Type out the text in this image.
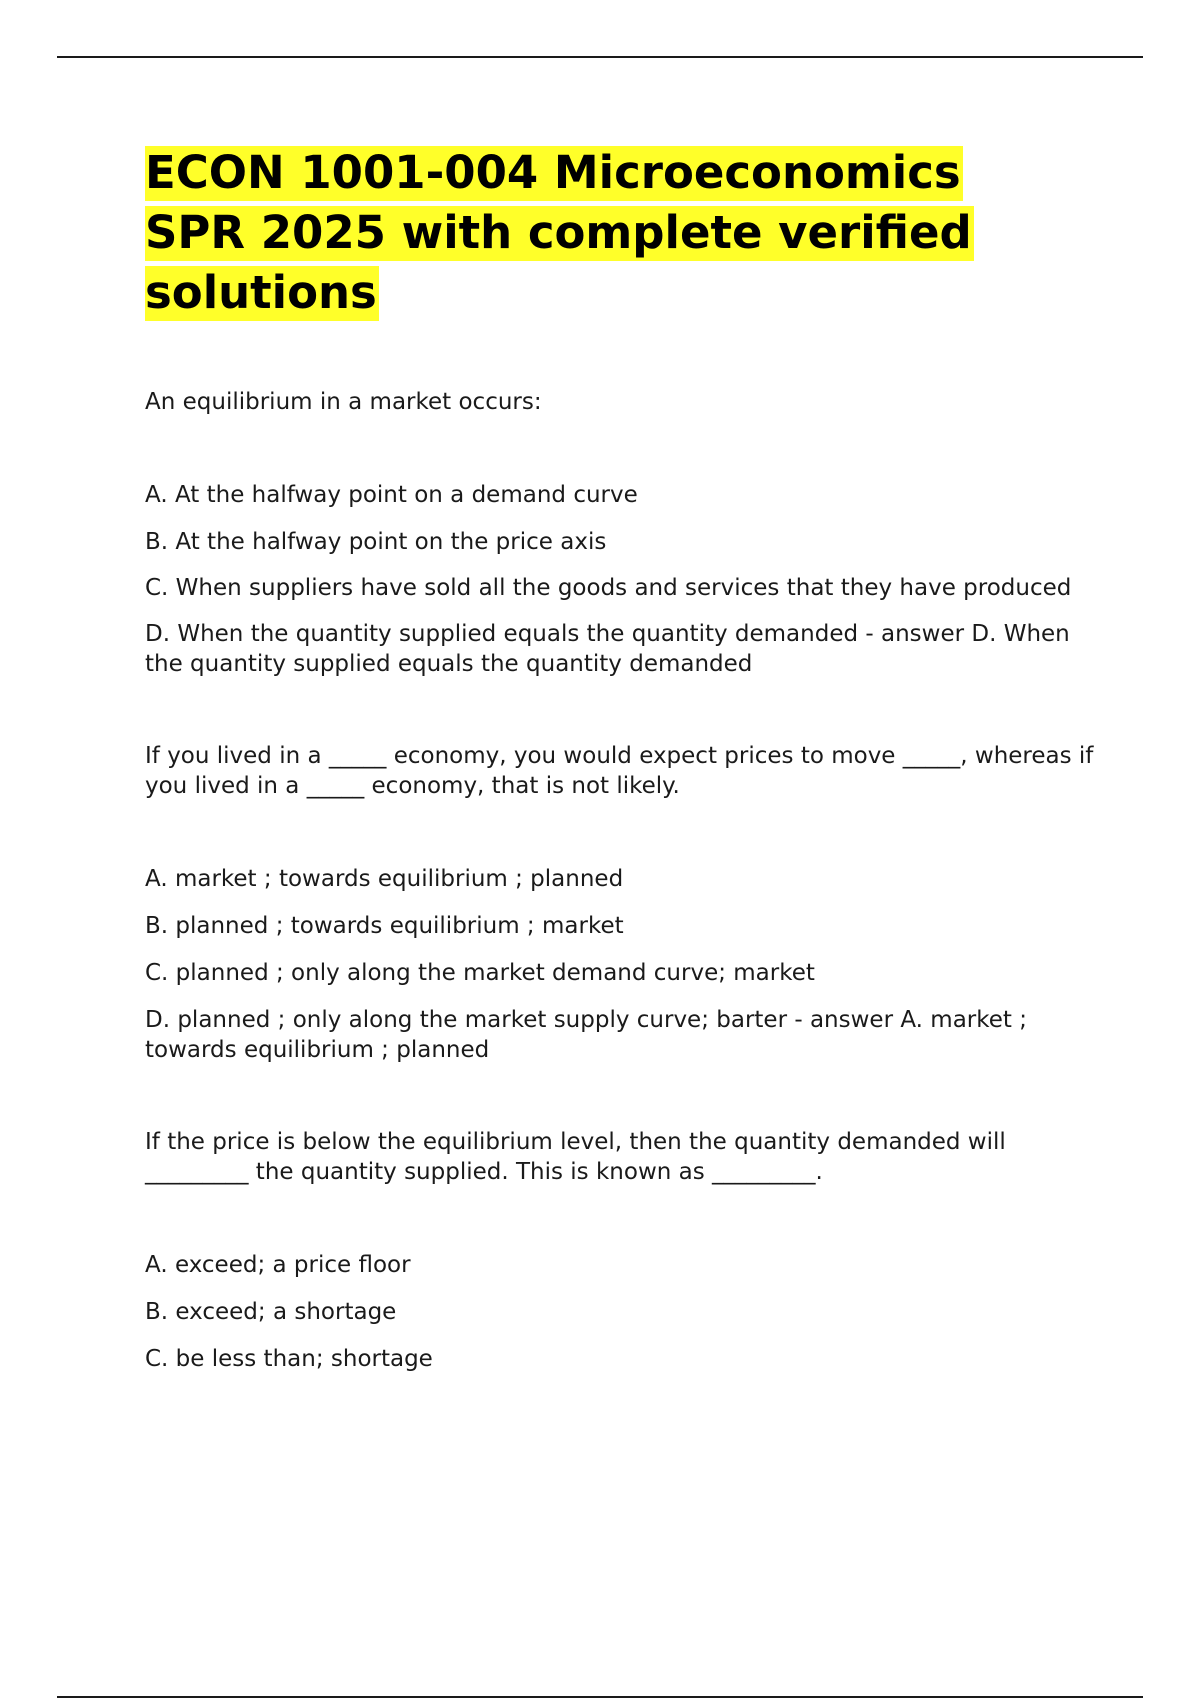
ECON 1001-004 Microeconomics
SPR 2025 with complete verified
solutions

An equilibrium in a market occurs:

A. At the halfway point on a demand curve
B. At the halfway point on the price axis
C. When suppliers have sold all the goods and services that they have produced
D. When the quantity supplied equals the quantity demanded - answer D. When the quantity supplied equals the quantity demanded

If you lived in a _____ economy, you would expect prices to move _____, whereas if you lived in a _____ economy, that is not likely.

A. market ; towards equilibrium ; planned
B. planned ; towards equilibrium ; market
C. planned ; only along the market demand curve; market
D. planned ; only along the market supply curve; barter - answer A. market ; towards equilibrium ; planned

If the price is below the equilibrium level, then the quantity demanded will _________ the quantity supplied. This is known as _________.

A. exceed; a price floor
B. exceed; a shortage
C. be less than; shortage
